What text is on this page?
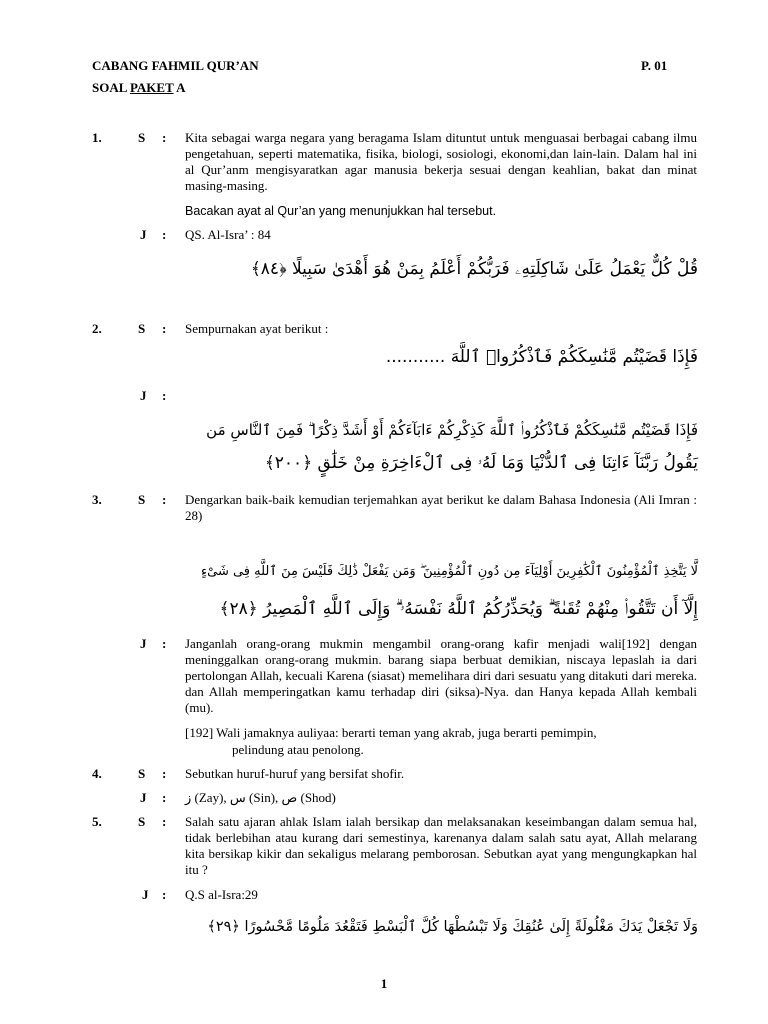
CABANG FAHMIL QUR’AN	P. 01
SOAL PAKET A
1.	S : Kita sebagai warga negara yang beragama Islam dituntut untuk menguasai berbagai cabang ilmu pengetahuan, seperti matematika, fisika, biologi, sosiologi, ekonomi,dan lain-lain. Dalam hal ini al Qur’anm mengisyaratkan agar manusia bekerja sesuai dengan keahlian, bakat dan minat masing-masing.
Bacakan ayat al Qur’an yang menunjukkan hal tersebut.
J : QS. Al-Isra’ : 84
قُلْ كُلٌّ يَعْمَلُ عَلَىٰ شَاكِلَتِهِۦ فَرَبُّكُمْ أَعْلَمُ بِمَنْ هُوَ أَهْدَىٰ سَبِيلًا ﴿٨٤﴾
2.	S : Sempurnakan ayat berikut :
فَإِذَا قَضَيْتُم مَّنَٰسِكَكُمْ فَٱذْكُرُوا۟ ٱللَّهَ ...........
J :
فَإِذَا قَضَيْتُم مَّنَٰسِكَكُمْ فَٱذْكُرُوا۟ ٱللَّهَ كَذِكْرِكُمْ ءَابَآءَكُمْ أَوْ أَشَدَّ ذِكْرًا ۗ فَمِنَ ٱلنَّاسِ مَن
يَقُولُ رَبَّنَآ ءَاتِنَا فِى ٱلدُّنْيَا وَمَا لَهُۥ فِى ٱلْءَاخِرَةِ مِنْ خَلَٰقٍ ﴿٢٠٠﴾
3.	S : Dengarkan baik-baik kemudian terjemahkan ayat berikut ke dalam Bahasa Indonesia (Ali Imran : 28)
لَّا يَتَّخِذِ ٱلْمُؤْمِنُونَ ٱلْكَٰفِرِينَ أَوْلِيَآءَ مِن دُونِ ٱلْمُؤْمِنِينَ ۖ وَمَن يَفْعَلْ ذَٰلِكَ فَلَيْسَ مِنَ ٱللَّهِ فِى شَىْءٍ
إِلَّآ أَن تَتَّقُوا۟ مِنْهُمْ تُقَىٰةً ۗ وَيُحَذِّرُكُمُ ٱللَّهُ نَفْسَهُۥ ۗ وَإِلَى ٱللَّهِ ٱلْمَصِيرُ ﴿٢٨﴾
J : Janganlah orang-orang mukmin mengambil orang-orang kafir menjadi wali[192] dengan meninggalkan orang-orang mukmin. barang siapa berbuat demikian, niscaya lepaslah ia dari pertolongan Allah, kecuali Karena (siasat) memelihara diri dari sesuatu yang ditakuti dari mereka. dan Allah memperingatkan kamu terhadap diri (siksa)-Nya. dan Hanya kepada Allah kembali (mu).
[192] Wali jamaknya auliyaa: berarti teman yang akrab, juga berarti pemimpin,
pelindung atau penolong.
4.	S : Sebutkan huruf-huruf yang bersifat shofir.
J : ز (Zay), س (Sin), ص (Shod)
5.	S : Salah satu ajaran ahlak Islam ialah bersikap dan melaksanakan keseimbangan dalam semua hal, tidak berlebihan atau kurang dari semestinya, karenanya dalam salah satu ayat, Allah melarang kita bersikap kikir dan sekaligus melarang pemborosan. Sebutkan ayat yang mengungkapkan hal itu ?
J : Q.S al-Isra:29
وَلَا تَجْعَلْ يَدَكَ مَغْلُولَةً إِلَىٰ عُنُقِكَ وَلَا تَبْسُطْهَا كُلَّ ٱلْبَسْطِ فَتَقْعُدَ مَلُومًا مَّحْسُورًا ﴿٢٩﴾
1
